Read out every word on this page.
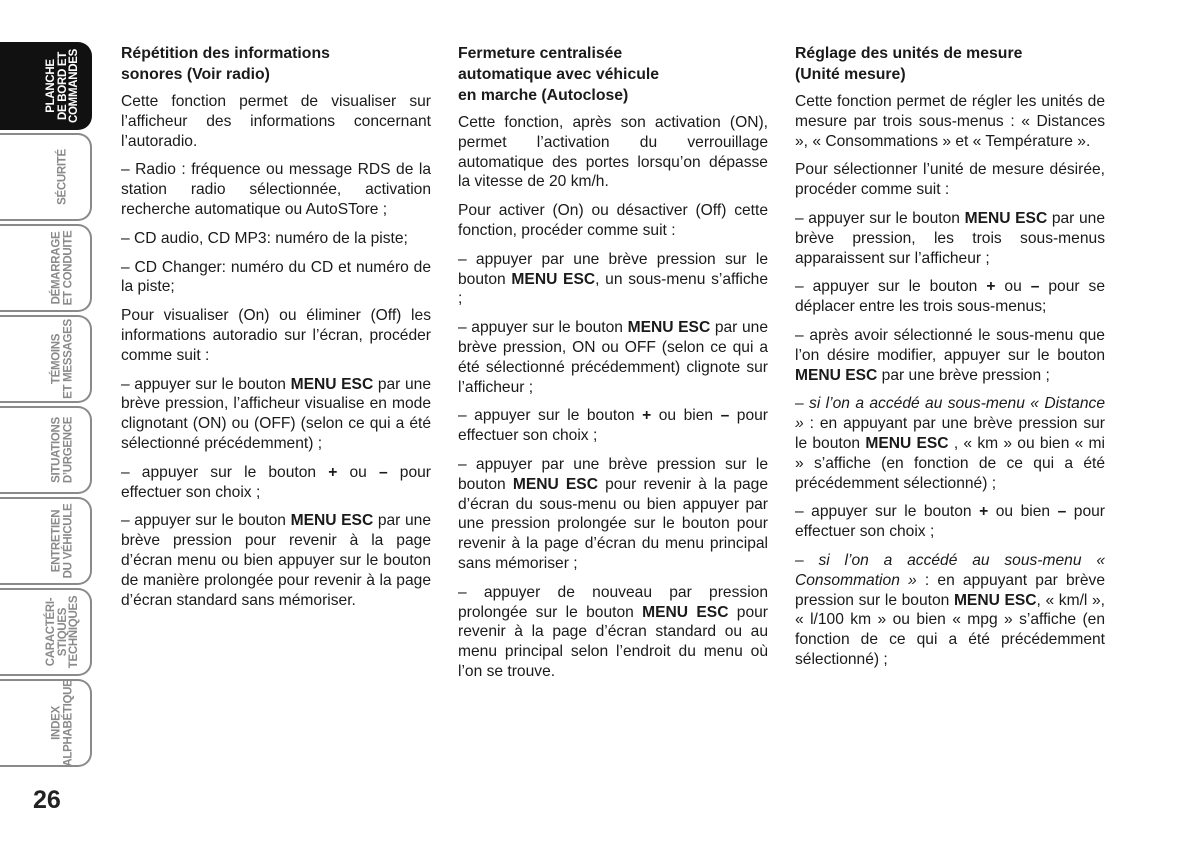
PLANCHE
DE BORD ET
COMMANDES
SÉCURITÉ
DÉMARRAGE
ET CONDUITE
TÉMOINS
ET MESSAGES
SITUATIONS
D’URGENCE
ENTRETIEN
DU VÉHICULE
CARACTÉRI-
STIQUES
TECHNIQUES
INDEX
ALPHABÉTIQUE
26
Répétition des informations
sonores (Voir radio)

Cette fonction permet de visualiser sur l’afficheur des informations concernant l’autoradio.

– Radio : fréquence ou message RDS de la station radio sélectionnée, activation recherche automatique ou AutoSTore ;

– CD audio, CD MP3: numéro de la piste;

– CD Changer: numéro du CD et numéro de la piste;

Pour visualiser (On) ou éliminer (Off) les informations autoradio sur l’écran, procéder comme suit :

– appuyer sur le bouton MENU ESC par une brève pression, l’afficheur visualise en mode clignotant (ON) ou (OFF) (selon ce qui a été sélectionné précédemment) ;

– appuyer sur le bouton + ou – pour effectuer son choix ;

– appuyer sur le bouton MENU ESC par une brève pression pour revenir à la page d’écran menu ou bien appuyer sur le bouton de manière prolongée pour revenir à la page d’écran standard sans mémoriser.

Fermeture centralisée
automatique avec véhicule
en marche (Autoclose)

Cette fonction, après son activation (ON), permet l’activation du verrouillage automatique des portes lorsqu’on dépasse la vitesse de 20 km/h.

Pour activer (On) ou désactiver (Off) cette fonction, procéder comme suit :

– appuyer par une brève pression sur le bouton MENU ESC, un sous-menu s’affiche ;

– appuyer sur le bouton MENU ESC par une brève pression, ON ou OFF (selon ce qui a été sélectionné précédemment) clignote sur l’afficheur ;

– appuyer sur le bouton + ou bien – pour effectuer son choix ;

– appuyer par une brève pression sur le bouton MENU ESC pour revenir à la page d’écran du sous-menu ou bien appuyer par une pression prolongée sur le bouton pour revenir à la page d’écran du menu principal sans mémoriser ;

– appuyer de nouveau par pression prolongée sur le bouton MENU ESC pour revenir à la page d’écran standard ou au menu principal selon l’endroit du menu où l’on se trouve.

Réglage des unités de mesure
(Unité mesure)

Cette fonction permet de régler les unités de mesure par trois sous-menus : « Distances », « Consommations » et « Température ».

Pour sélectionner l’unité de mesure désirée, procéder comme suit :

– appuyer sur le bouton MENU ESC par une brève pression, les trois sous-menus apparaissent sur l’afficheur ;

– appuyer sur le bouton + ou – pour se déplacer entre les trois sous-menus;

– après avoir sélectionné le sous-menu que l’on désire modifier, appuyer sur le bouton MENU ESC par une brève pression ;

– si l’on a accédé au sous-menu « Distance » : en appuyant par une brève pression sur le bouton MENU ESC , « km » ou bien « mi » s’affiche (en fonction de ce qui a été précédemment sélectionné) ;

– appuyer sur le bouton + ou bien – pour effectuer son choix ;

– si l’on a accédé au sous-menu « Consommation » : en appuyant par brève pression sur le bouton MENU ESC, « km/l », « l/100 km » ou bien « mpg » s’affiche (en fonction de ce qui a été précédemment sélectionné) ;
